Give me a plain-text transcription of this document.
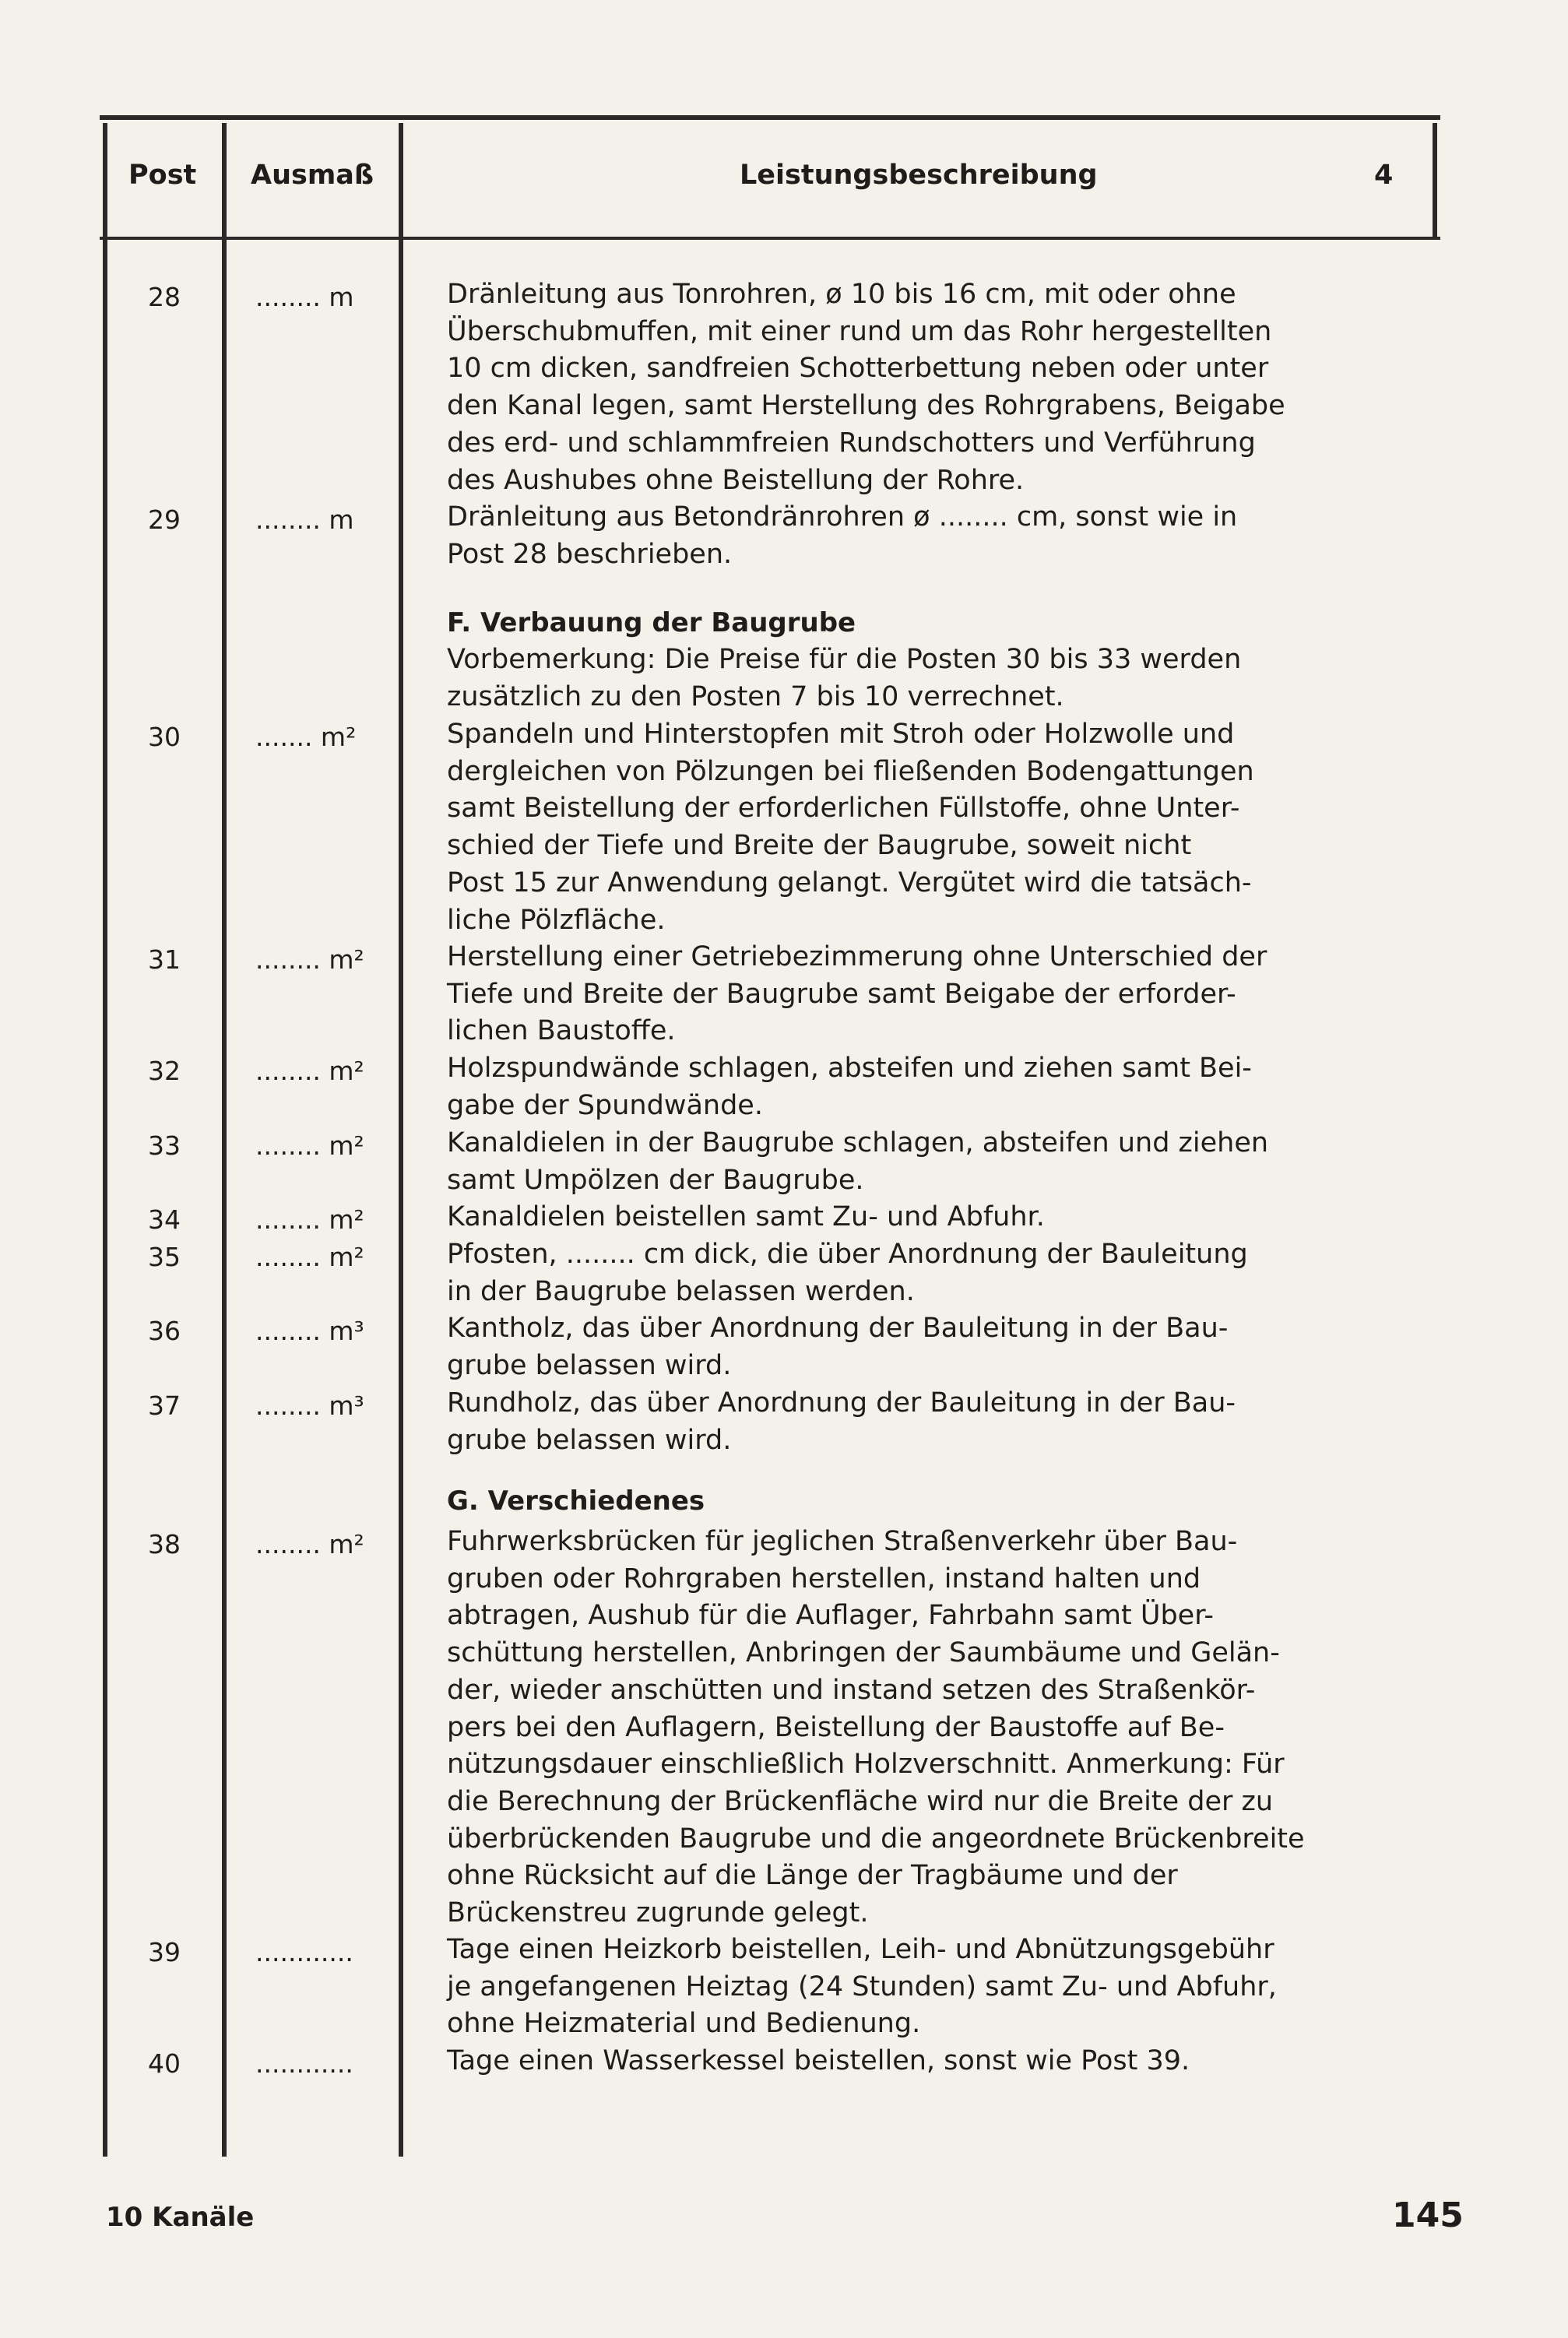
Post Ausmaß	Leistungsbeschreibung	4
28	........ m	Dränleitung aus Tonrohren, ø 10 bis 16 cm, mit oder ohne
Überschubmuffen, mit einer rund um das Rohr hergestellten
10 cm dicken, sandfreien Schotterbettung neben oder unter
den Kanal legen, samt Herstellung des Rohrgrabens, Beigabe
des erd- und schlammfreien Rundschotters und Verführung
des Aushubes ohne Beistellung der Rohre.
29	........ m	Dränleitung aus Betondränrohren ø ........ cm, sonst wie in
Post 28 beschrieben.
F. Verbauung der Baugrube
Vorbemerkung: Die Preise für die Posten 30 bis 33 werden
zusätzlich zu den Posten 7 bis 10 verrechnet.
30	....... m²	Spandeln und Hinterstopfen mit Stroh oder Holzwolle und
dergleichen von Pölzungen bei fließenden Bodengattungen
samt Beistellung der erforderlichen Füllstoffe, ohne Unter-
schied der Tiefe und Breite der Baugrube, soweit nicht
Post 15 zur Anwendung gelangt. Vergütet wird die tatsäch-
liche Pölzfläche.
31	........ m²	Herstellung einer Getriebezimmerung ohne Unterschied der
Tiefe und Breite der Baugrube samt Beigabe der erforder-
lichen Baustoffe.
32	........ m²	Holzspundwände schlagen, absteifen und ziehen samt Bei-
gabe der Spundwände.
33	........ m²	Kanaldielen in der Baugrube schlagen, absteifen und ziehen
samt Umpölzen der Baugrube.
34	........ m²	Kanaldielen beistellen samt Zu- und Abfuhr.
35	........ m²	Pfosten, ........ cm dick, die über Anordnung der Bauleitung
in der Baugrube belassen werden.
36	........ m³	Kantholz, das über Anordnung der Bauleitung in der Bau-
grube belassen wird.
37	........ m³	Rundholz, das über Anordnung der Bauleitung in der Bau-
grube belassen wird.
G. Verschiedenes
38	........ m²	Fuhrwerksbrücken für jeglichen Straßenverkehr über Bau-
gruben oder Rohrgraben herstellen, instand halten und
abtragen, Aushub für die Auflager, Fahrbahn samt Über-
schüttung herstellen, Anbringen der Saumbäume und Gelän-
der, wieder anschütten und instand setzen des Straßenkör-
pers bei den Auflagern, Beistellung der Baustoffe auf Be-
nützungsdauer einschließlich Holzverschnitt. Anmerkung: Für
die Berechnung der Brückenfläche wird nur die Breite der zu
überbrückenden Baugrube und die angeordnete Brückenbreite
ohne Rücksicht auf die Länge der Tragbäume und der
Brückenstreu zugrunde gelegt.
39	............	Tage einen Heizkorb beistellen, Leih- und Abnützungsgebühr
je angefangenen Heiztag (24 Stunden) samt Zu- und Abfuhr,
ohne Heizmaterial und Bedienung.
40	............	Tage einen Wasserkessel beistellen, sonst wie Post 39.
10 Kanäle	145
